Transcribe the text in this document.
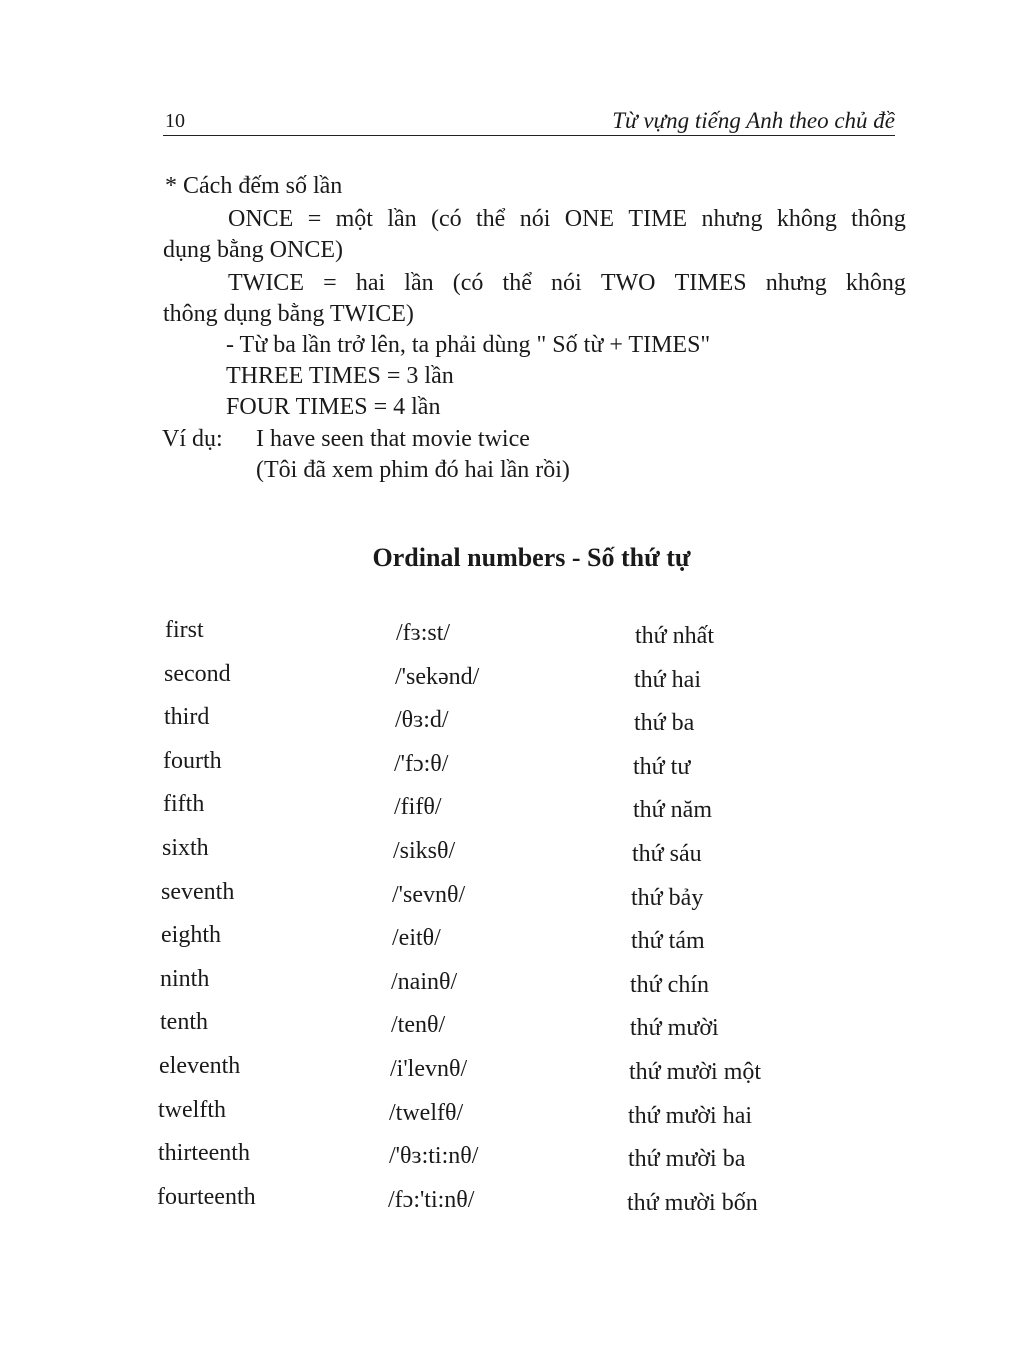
10	Từ vựng tiếng Anh theo chủ đề
* Cách đếm số lần
ONCE = một lần (có thể nói ONE TIME nhưng không thông
dụng bằng ONCE)
TWICE = hai lần (có thể nói TWO TIMES nhưng không
thông dụng bằng TWICE)
- Từ ba lần trở lên, ta phải dùng " Số từ + TIMES"
THREE TIMES = 3 lần
FOUR TIMES = 4 lần
Ví dụ: I have seen that movie twice
(Tôi đã xem phim đó hai lần rồi)
Ordinal numbers - Số thứ tự
first	/fɜ:st/	thứ nhất
second	/'sekənd/	thứ hai
third	/θɜ:d/	thứ ba
fourth	/'fɔ:θ/	thứ tư
fifth	/fifθ/	thứ năm
sixth	/siksθ/	thứ sáu
seventh	/'sevnθ/	thứ bảy
eighth	/eitθ/	thứ tám
ninth	/nainθ/	thứ chín
tenth	/tenθ/	thứ mười
eleventh	/i'levnθ/	thứ mười một
twelfth	/twelfθ/	thứ mười hai
thirteenth	/'θɜ:ti:nθ/	thứ mười ba
fourteenth	/fɔ:'ti:nθ/	thứ mười bốn
